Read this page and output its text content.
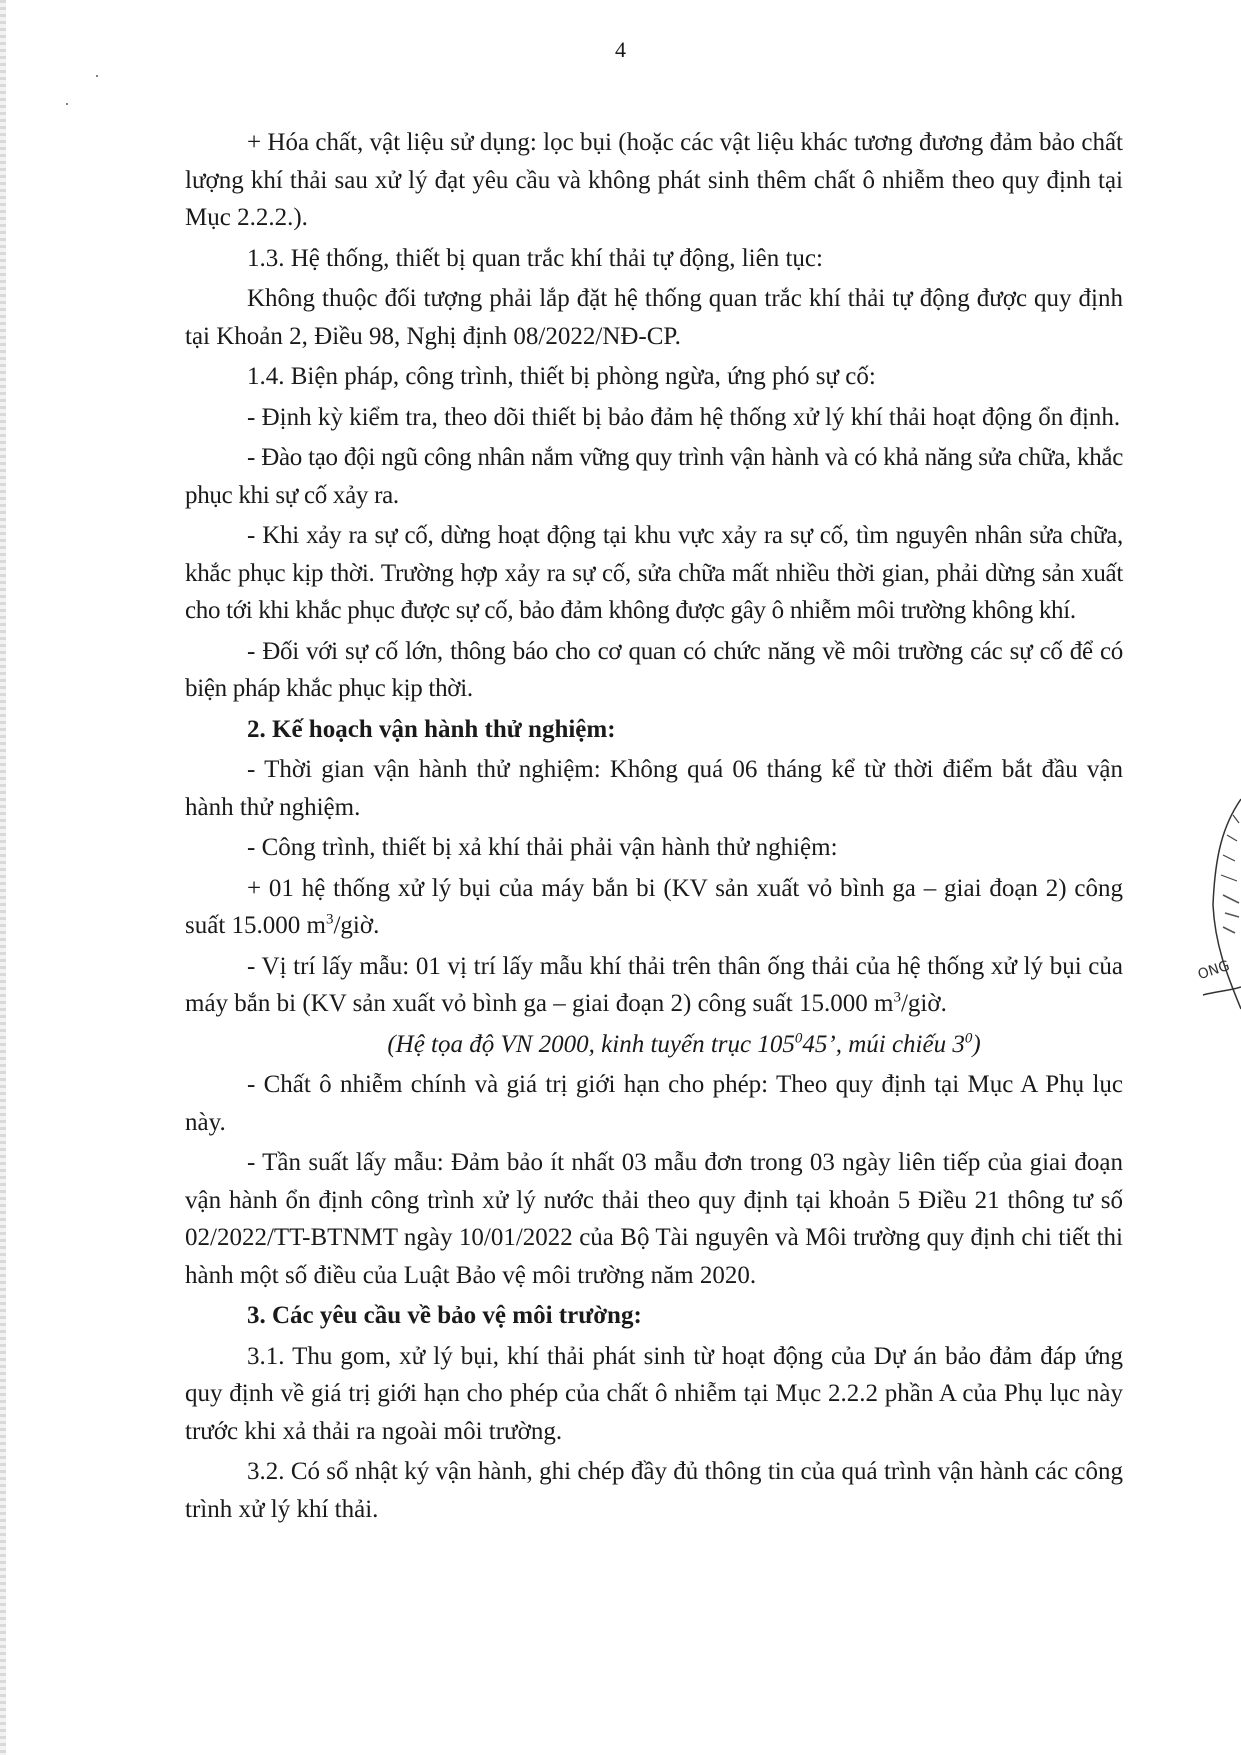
4

+ Hóa chất, vật liệu sử dụng: lọc bụi (hoặc các vật liệu khác tương đương đảm bảo chất lượng khí thải sau xử lý đạt yêu cầu và không phát sinh thêm chất ô nhiễm theo quy định tại Mục 2.2.2.).

1.3. Hệ thống, thiết bị quan trắc khí thải tự động, liên tục:

Không thuộc đối tượng phải lắp đặt hệ thống quan trắc khí thải tự động được quy định tại Khoản 2, Điều 98, Nghị định 08/2022/NĐ-CP.

1.4. Biện pháp, công trình, thiết bị phòng ngừa, ứng phó sự cố:

- Định kỳ kiểm tra, theo dõi thiết bị bảo đảm hệ thống xử lý khí thải hoạt động ổn định.

- Đào tạo đội ngũ công nhân nắm vững quy trình vận hành và có khả năng sửa chữa, khắc phục khi sự cố xảy ra.

- Khi xảy ra sự cố, dừng hoạt động tại khu vực xảy ra sự cố, tìm nguyên nhân sửa chữa, khắc phục kịp thời. Trường hợp xảy ra sự cố, sửa chữa mất nhiều thời gian, phải dừng sản xuất cho tới khi khắc phục được sự cố, bảo đảm không được gây ô nhiễm môi trường không khí.

- Đối với sự cố lớn, thông báo cho cơ quan có chức năng về môi trường các sự cố để có biện pháp khắc phục kịp thời.

2. Kế hoạch vận hành thử nghiệm:

- Thời gian vận hành thử nghiệm: Không quá 06 tháng kể từ thời điểm bắt đầu vận hành thử nghiệm.

- Công trình, thiết bị xả khí thải phải vận hành thử nghiệm:

+ 01 hệ thống xử lý bụi của máy bắn bi (KV sản xuất vỏ bình ga – giai đoạn 2) công suất 15.000 $m^3$/giờ.

- Vị trí lấy mẫu: 01 vị trí lấy mẫu khí thải trên thân ống thải của hệ thống xử lý bụi của máy bắn bi (KV sản xuất vỏ bình ga – giai đoạn 2) công suất 15.000 $m^3$/giờ.

(Hệ tọa độ VN 2000, kinh tuyến trục $105^045$’, múi chiếu $3^0$)

- Chất ô nhiễm chính và giá trị giới hạn cho phép: Theo quy định tại Mục A Phụ lục này.

- Tần suất lấy mẫu: Đảm bảo ít nhất 03 mẫu đơn trong 03 ngày liên tiếp của giai đoạn vận hành ổn định công trình xử lý nước thải theo quy định tại khoản 5 Điều 21 thông tư số 02/2022/TT-BTNMT ngày 10/01/2022 của Bộ Tài nguyên và Môi trường quy định chi tiết thi hành một số điều của Luật Bảo vệ môi trường năm 2020.

3. Các yêu cầu về bảo vệ môi trường:

3.1. Thu gom, xử lý bụi, khí thải phát sinh từ hoạt động của Dự án bảo đảm đáp ứng quy định về giá trị giới hạn cho phép của chất ô nhiễm tại Mục 2.2.2 phần A của Phụ lục này trước khi xả thải ra ngoài môi trường.

3.2. Có sổ nhật ký vận hành, ghi chép đầy đủ thông tin của quá trình vận hành các công trình xử lý khí thải.

ONG
